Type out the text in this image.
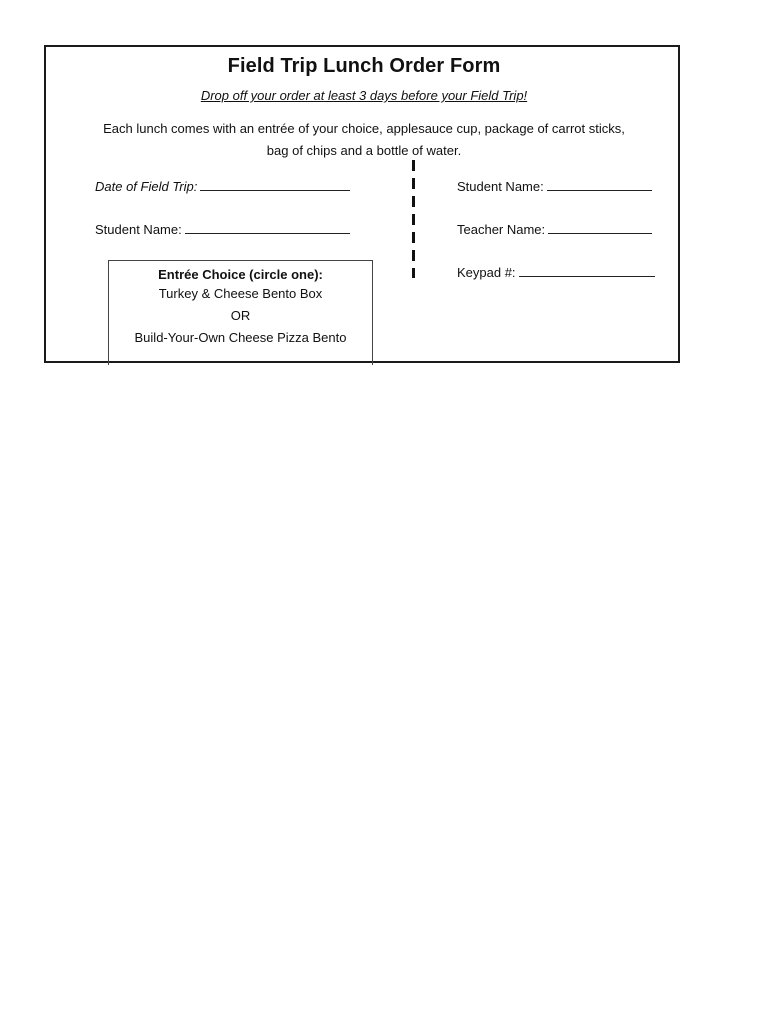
Field Trip Lunch Order Form
Drop off your order at least 3 days before your Field Trip!
Each lunch comes with an entrée of your choice, applesauce cup, package of carrot sticks,
bag of chips and a bottle of water.
Date of Field Trip:
Student Name:
Entrée Choice (circle one):
Turkey & Cheese Bento Box
OR
Build-Your-Own Cheese Pizza Bento
Student Name:
Teacher Name:
Keypad #:
